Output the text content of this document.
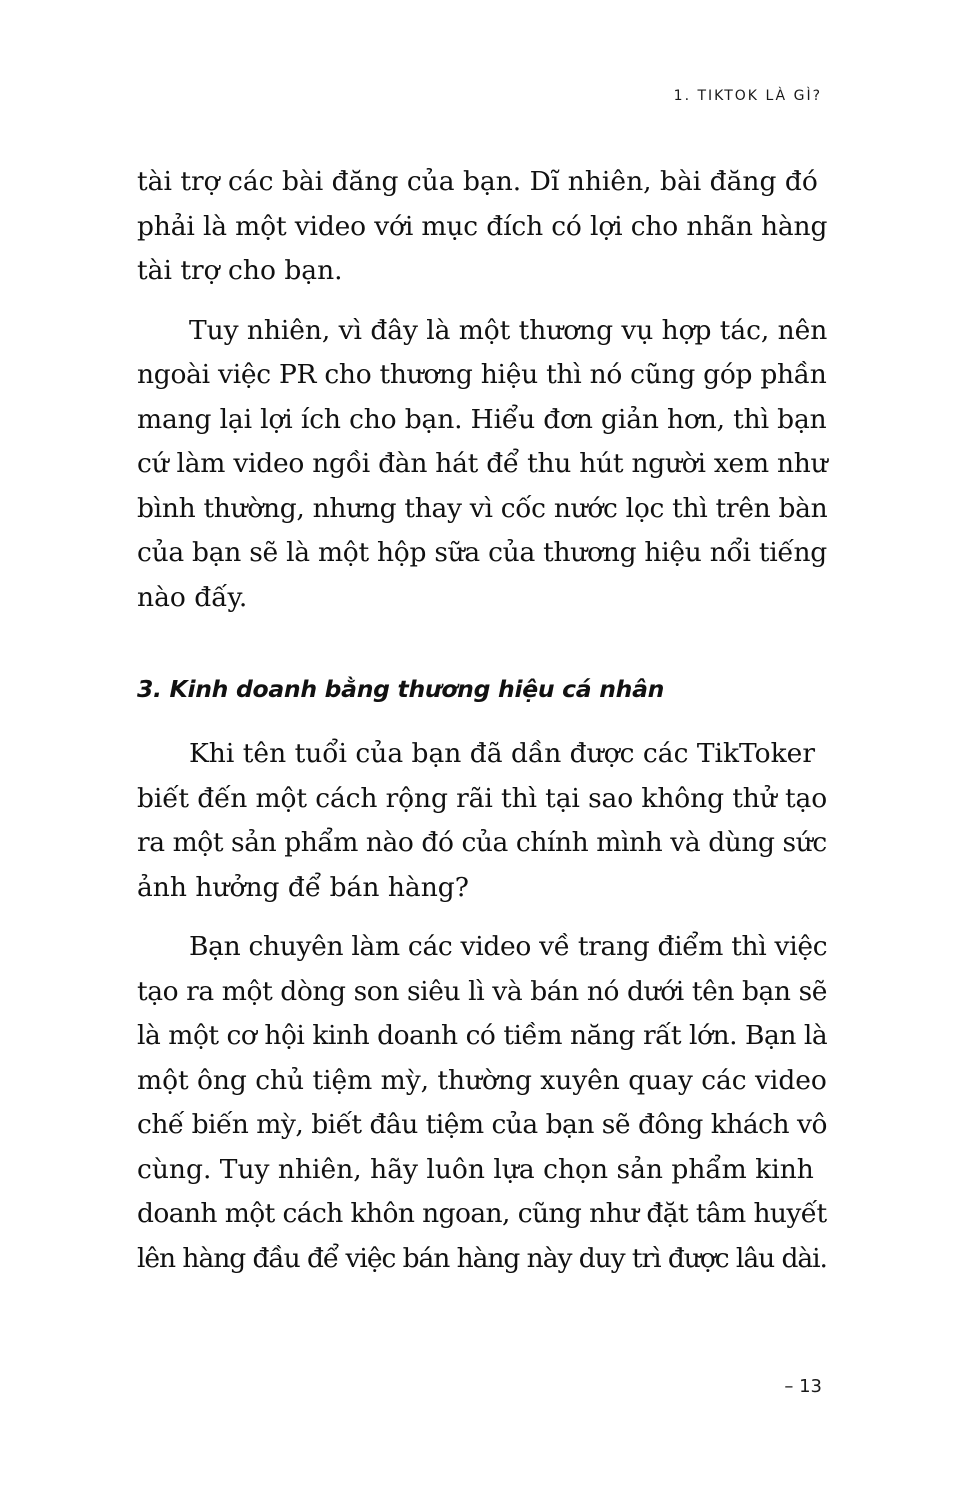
1. TIKTOK LÀ GÌ?

tài trợ các bài đăng của bạn. Dĩ nhiên, bài đăng đó
phải là một video với mục đích có lợi cho nhãn hàng
tài trợ cho bạn.

Tuy nhiên, vì đây là một thương vụ hợp tác, nên
ngoài việc PR cho thương hiệu thì nó cũng góp phần
mang lại lợi ích cho bạn. Hiểu đơn giản hơn, thì bạn
cứ làm video ngồi đàn hát để thu hút người xem như
bình thường, nhưng thay vì cốc nước lọc thì trên bàn
của bạn sẽ là một hộp sữa của thương hiệu nổi tiếng
nào đấy.

3. Kinh doanh bằng thương hiệu cá nhân

Khi tên tuổi của bạn đã dần được các TikToker
biết đến một cách rộng rãi thì tại sao không thử tạo
ra một sản phẩm nào đó của chính mình và dùng sức
ảnh hưởng để bán hàng?

Bạn chuyên làm các video về trang điểm thì việc
tạo ra một dòng son siêu lì và bán nó dưới tên bạn sẽ
là một cơ hội kinh doanh có tiềm năng rất lớn. Bạn là
một ông chủ tiệm mỳ, thường xuyên quay các video
chế biến mỳ, biết đâu tiệm của bạn sẽ đông khách vô
cùng. Tuy nhiên, hãy luôn lựa chọn sản phẩm kinh
doanh một cách khôn ngoan, cũng như đặt tâm huyết
lên hàng đầu để việc bán hàng này duy trì được lâu dài.

– 13
